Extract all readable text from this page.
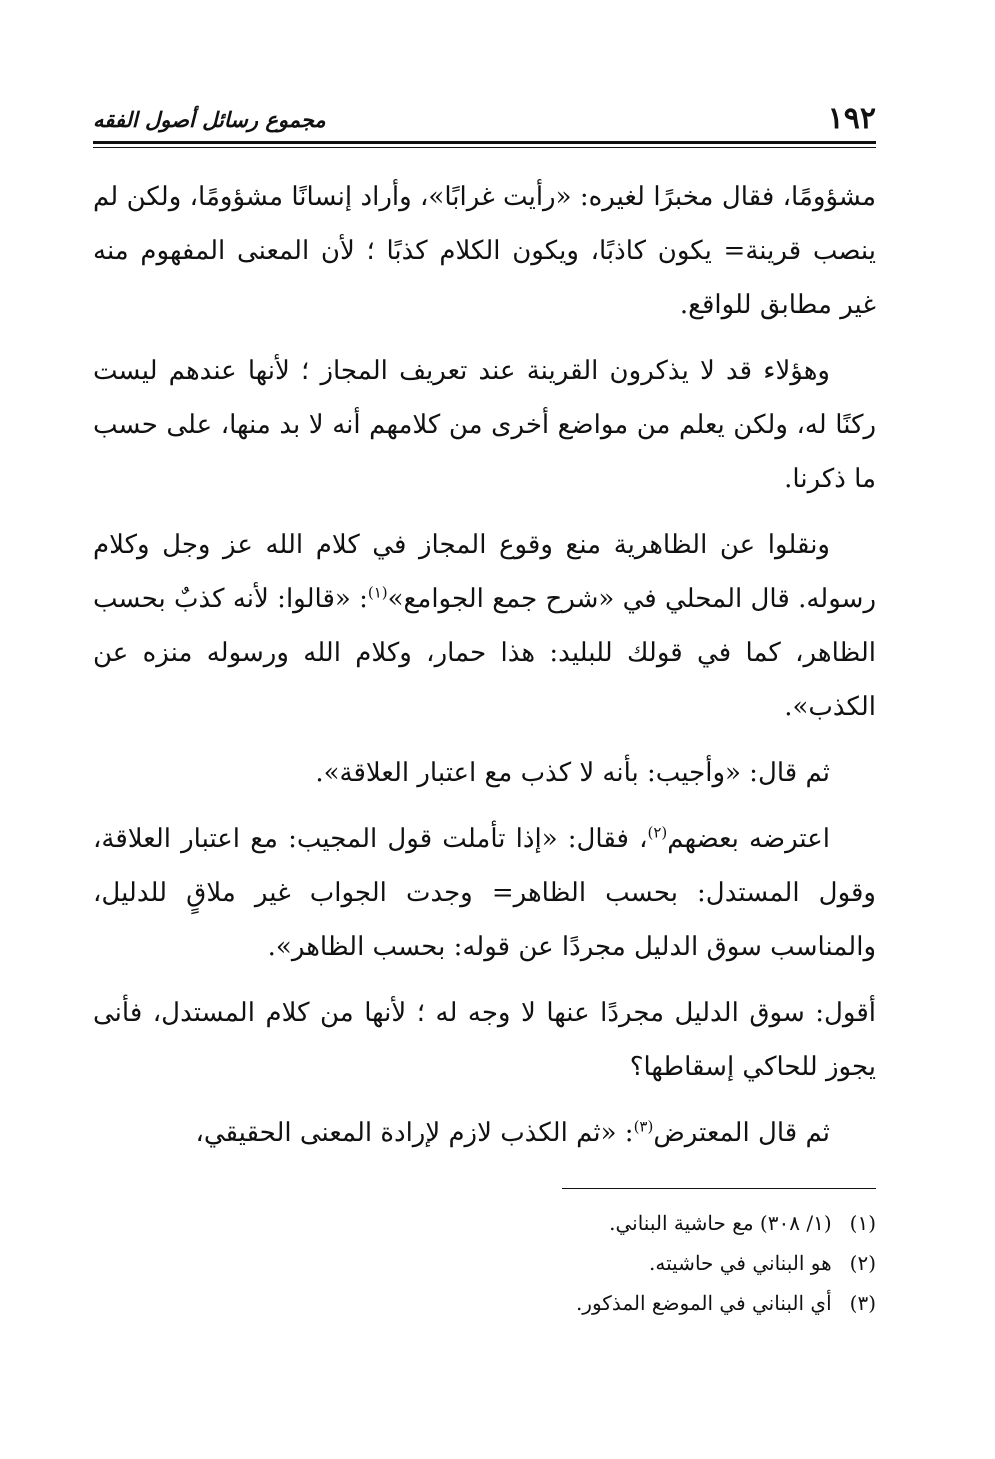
١٩٢
مجموع رسائل أصول الفقه

مشؤومًا، فقال مخبرًا لغيره: «رأيت غرابًا»، وأراد إنسانًا مشؤومًا، ولكن لم ينصب قرينة= يكون كاذبًا، ويكون الكلام كذبًا ؛ لأن المعنى المفهوم منه غير مطابق للواقع.

وهؤلاء قد لا يذكرون القرينة عند تعريف المجاز ؛ لأنها عندهم ليست ركنًا له، ولكن يعلم من مواضع أخرى من كلامهم أنه لا بد منها، على حسب ما ذكرنا.

ونقلوا عن الظاهرية منع وقوع المجاز في كلام الله عز وجل وكلام رسوله. قال المحلي في «شرح جمع الجوامع»$^{(١)}$: «قالوا: لأنه كذبٌ بحسب الظاهر، كما في قولك للبليد: هذا حمار، وكلام الله ورسوله منزه عن الكذب».

ثم قال: «وأجيب: بأنه لا كذب مع اعتبار العلاقة».

اعترضه بعضهم$^{(٢)}$، فقال: «إذا تأملت قول المجيب: مع اعتبار العلاقة، وقول المستدل: بحسب الظاهر= وجدت الجواب غير ملاقٍ للدليل، والمناسب سوق الدليل مجردًا عن قوله: بحسب الظاهر».

أقول: سوق الدليل مجردًا عنها لا وجه له ؛ لأنها من كلام المستدل، فأنى يجوز للحاكي إسقاطها؟

ثم قال المعترض$^{(٣)}$: «ثم الكذب لازم لإرادة المعنى الحقيقي،

(١) (١/ ٣٠٨) مع حاشية البناني.
(٢) هو البناني في حاشيته.
(٣) أي البناني في الموضع المذكور.
